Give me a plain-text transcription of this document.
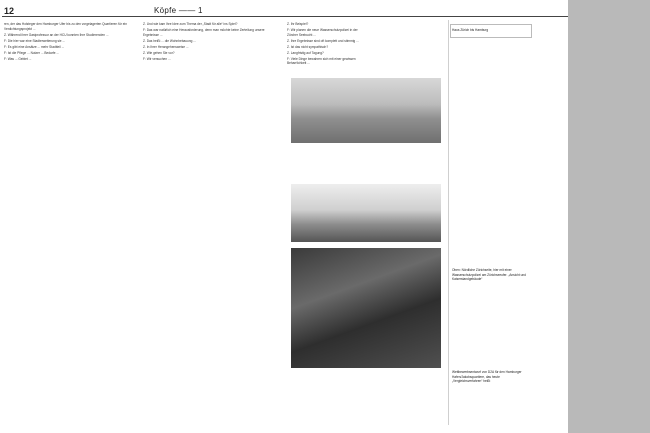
12	Köpfe —— 1

ren, der das Holsteger den Hamburger Ufer bis zu den vorgelagerten Quartieren für ein Verdichtungsprojekt ...

Z. Während ihrer Gastprofessur an der HCU konnten Ihre Studierenden ...

F: Die hier war eine Stadterweiterung sie ...

F: Es gibt eine Ansätze ... mehr Stadtteil ...

F: Ist die Pflege ... Nutzer ... Bedarfe ...

F: Was ... Gebiet ...

Z. Und wie kam Ihre Idee zum Thema der „Stadt für alle“ ins Spiel?

F: Das war natürlich eine Herausforderung, denn man möchte keine Zerteilung unsere Ergebnisse ...

Z. Das heißt ... die Wohnbebauung ...

Z. In Ihrer Herangehensweise ...

Z. Wie gehen Sie vor?

F: Wir versuchen ...

Z. Ihr Beispiel?

F: Wir planen die neue Wasserschutzpolizei in der Zürcher Seebucht ...

Z. Ihre Ergebnisse sind oft komplett und stimmig ...

Z. Ist das nicht sympathisch?

Z. Langfristig auf Tagung?

F: Viele Dinge bewahren sich mit einer gewissen Beharrlichkeit ...

Haus Zürich bis Hamburg
Oben: Nördliche Zürichseite, hier mit einer Wasserschutzpolizei am Zürichseeufer. „Ansicht und Kaiserstandgebäude“
Wettbewerbsentwurf von D2A für den Hamburger Hafen/Jakobsquartiere, das heute „Vergleichsverfahren“ heißt
